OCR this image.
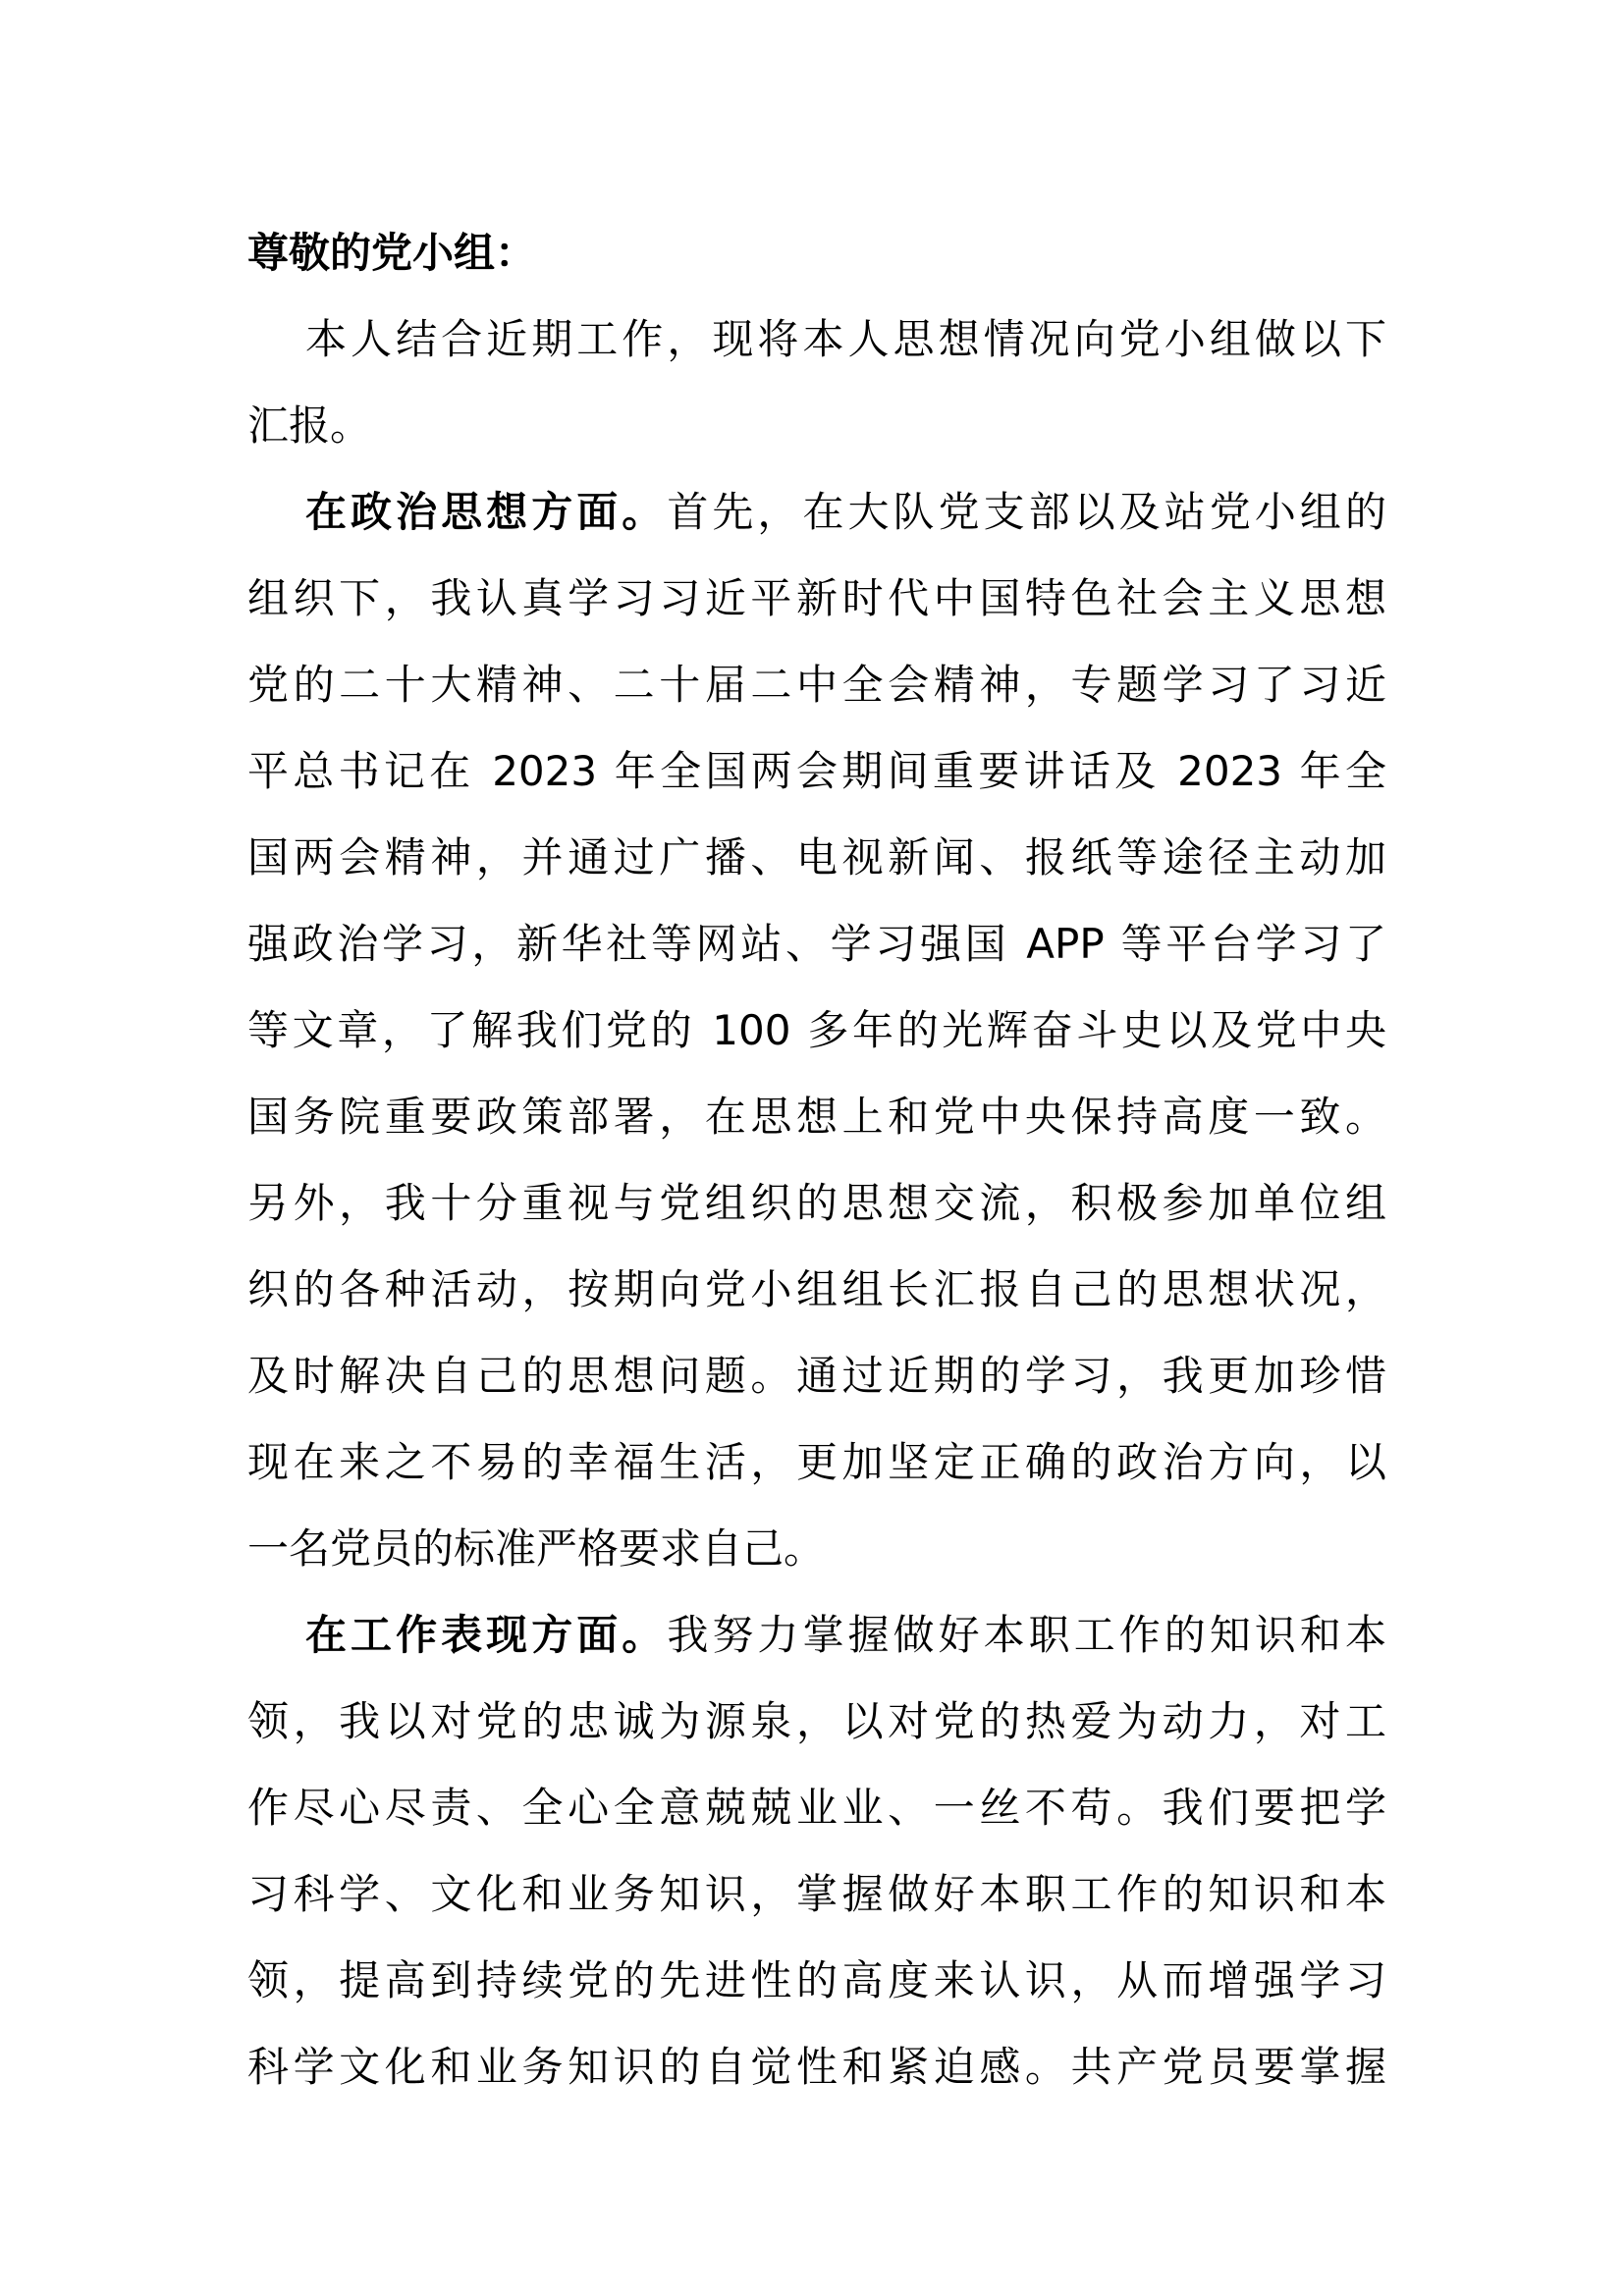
尊敬的党小组：
本人结合近期工作，现将本人思想情况向党小组做以下
汇报。
在政治思想方面。首先，在大队党支部以及站党小组的
组织下，我认真学习习近平新时代中国特色社会主义思想
党的二十大精神、二十届二中全会精神，专题学习了习近
平总书记在 2023 年全国两会期间重要讲话及 2023 年全
国两会精神，并通过广播、电视新闻、报纸等途径主动加
强政治学习，新华社等网站、学习强国 APP 等平台学习了
等文章，了解我们党的 100 多年的光辉奋斗史以及党中央
国务院重要政策部署，在思想上和党中央保持高度一致。
另外，我十分重视与党组织的思想交流，积极参加单位组
织的各种活动，按期向党小组组长汇报自己的思想状况，
及时解决自己的思想问题。通过近期的学习，我更加珍惜
现在来之不易的幸福生活，更加坚定正确的政治方向，以
一名党员的标准严格要求自己。
在工作表现方面。我努力掌握做好本职工作的知识和本
领，我以对党的忠诚为源泉，以对党的热爱为动力，对工
作尽心尽责、全心全意兢兢业业、一丝不苟。我们要把学
习科学、文化和业务知识，掌握做好本职工作的知识和本
领，提高到持续党的先进性的高度来认识，从而增强学习
科学文化和业务知识的自觉性和紧迫感。共产党员要掌握
